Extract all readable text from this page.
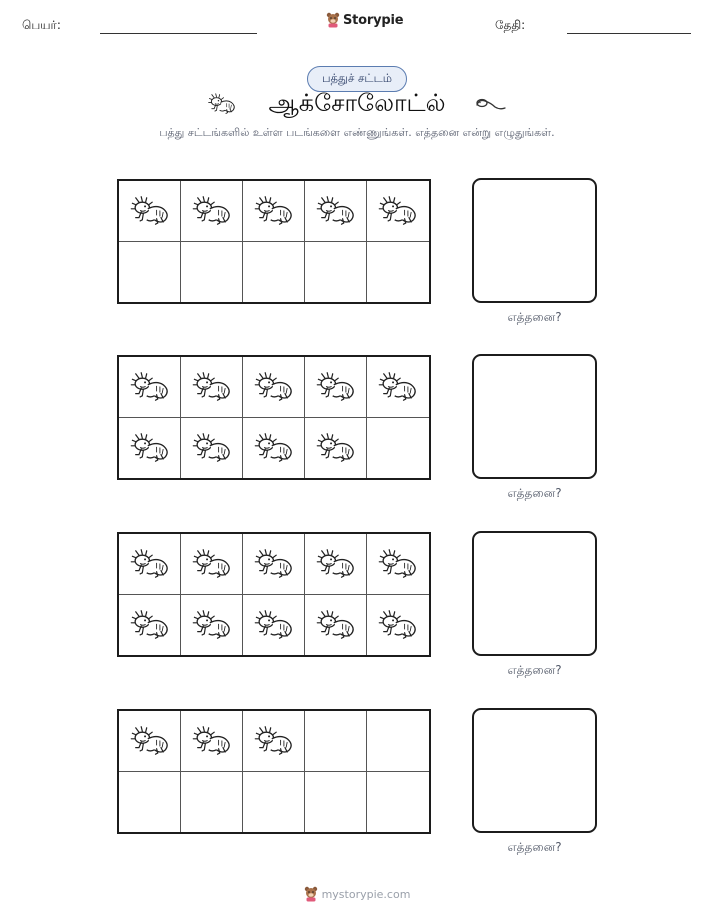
பெயர்:	Storypie	தேதி:
பத்துச் சட்டம்
ஆக்சோலோட்ல்
பத்து சட்டங்களில் உள்ள படங்களை எண்ணுங்கள். எத்தனை என்று எழுதுங்கள்.
எத்தனை?
எத்தனை?
எத்தனை?
எத்தனை?
mystorypie.com
